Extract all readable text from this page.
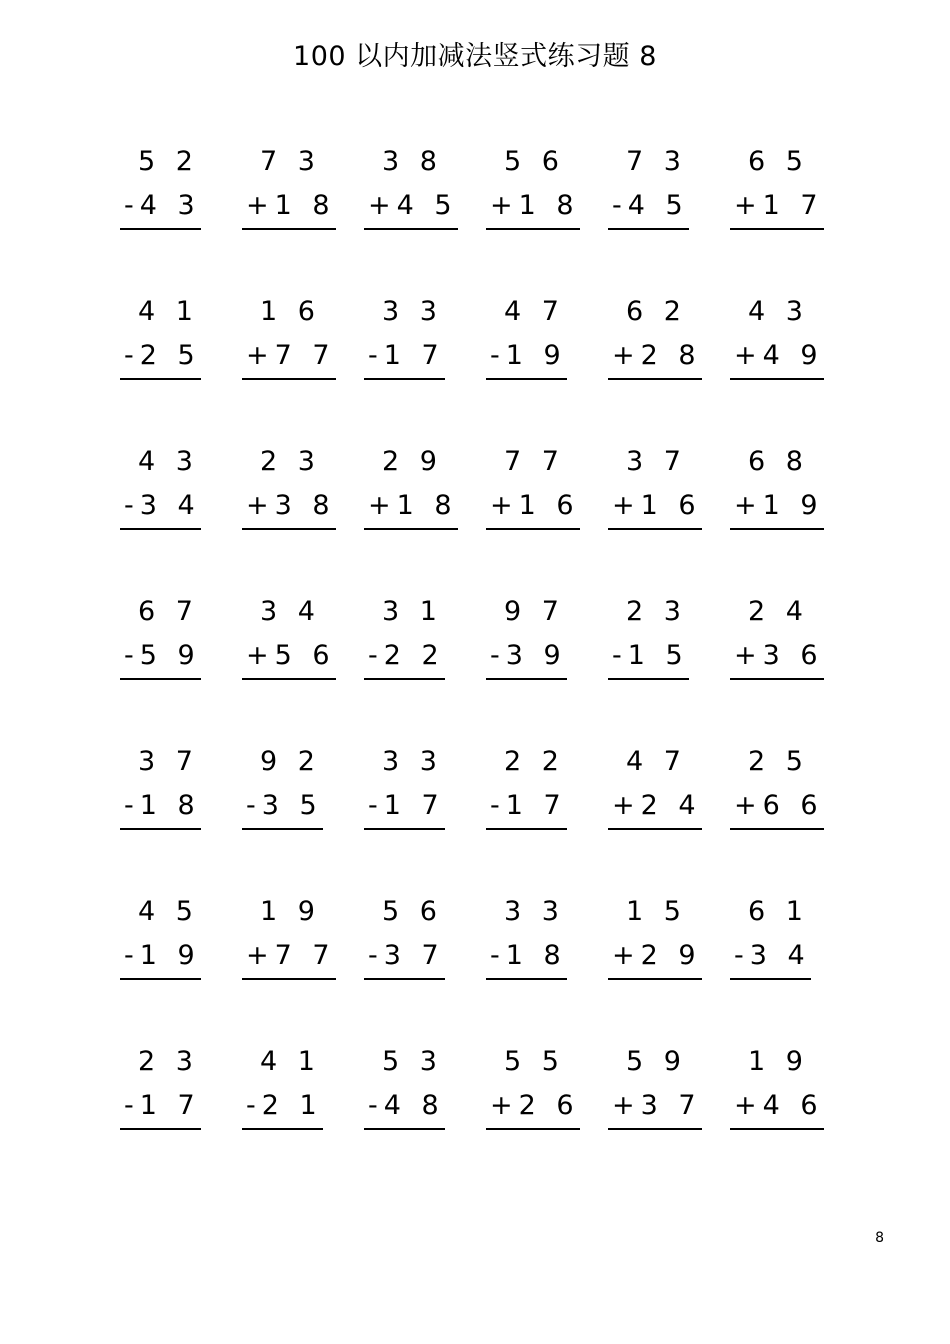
100 以内加减法竖式练习题 8
5 2
-4 3
7 3
+1 8
3 8
+4 5
5 6
+1 8
7 3
-4 5
6 5
+1 7
4 1
-2 5
1 6
+7 7
3 3
-1 7
4 7
-1 9
6 2
+2 8
4 3
+4 9
4 3
-3 4
2 3
+3 8
2 9
+1 8
7 7
+1 6
3 7
+1 6
6 8
+1 9
6 7
-5 9
3 4
+5 6
3 1
-2 2
9 7
-3 9
2 3
-1 5
2 4
+3 6
3 7
-1 8
9 2
-3 5
3 3
-1 7
2 2
-1 7
4 7
+2 4
2 5
+6 6
4 5
-1 9
1 9
+7 7
5 6
-3 7
3 3
-1 8
1 5
+2 9
6 1
-3 4
2 3
-1 7
4 1
-2 1
5 3
-4 8
5 5
+2 6
5 9
+3 7
1 9
+4 6
8
